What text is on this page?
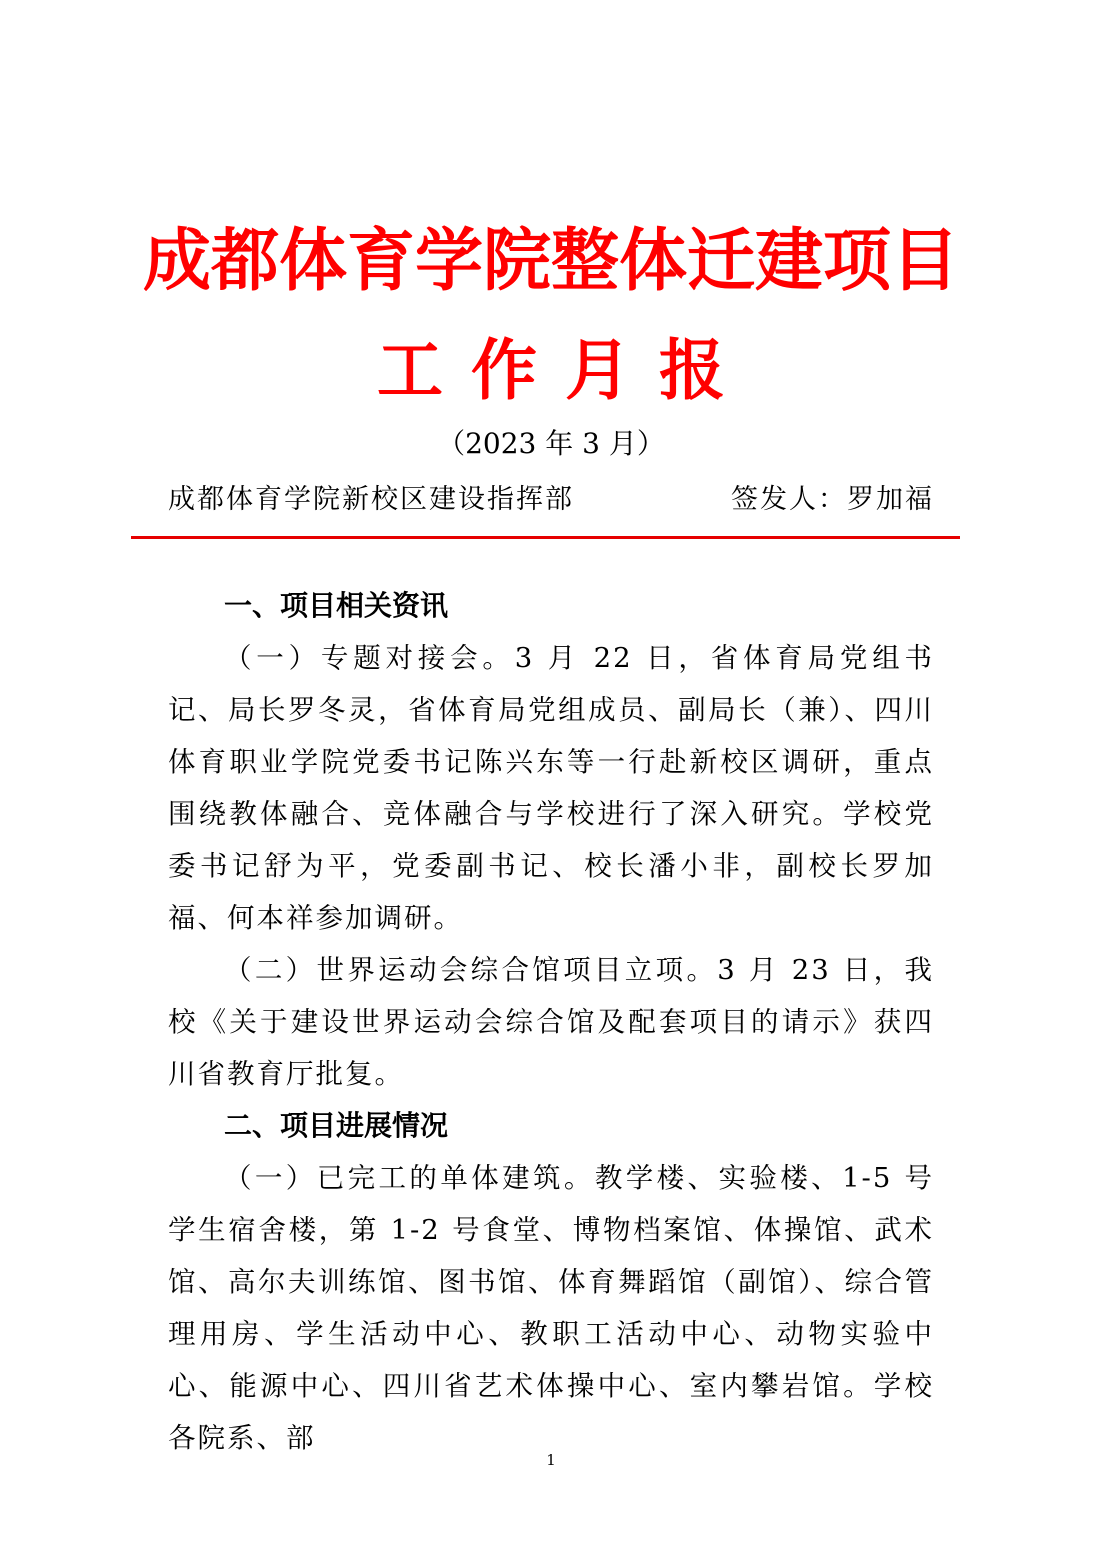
成都体育学院整体迁建项目
工作月报
（2023 年 3 月）
成都体育学院新校区建设指挥部	签发人：罗加福
一、项目相关资讯

（一）专题对接会。3 月 22 日，省体育局党组书记、局长罗冬灵，省体育局党组成员、副局长（兼）、四川体育职业学院党委书记陈兴东等一行赴新校区调研，重点围绕教体融合、竞体融合与学校进行了深入研究。学校党委书记舒为平，党委副书记、校长潘小非，副校长罗加福、何本祥参加调研。

（二）世界运动会综合馆项目立项。3 月 23 日，我校《关于建设世界运动会综合馆及配套项目的请示》获四川省教育厅批复。

二、项目进展情况

（一）已完工的单体建筑。教学楼、实验楼、1-5 号学生宿舍楼，第 1-2 号食堂、博物档案馆、体操馆、武术馆、高尔夫训练馆、图书馆、体育舞蹈馆（副馆）、综合管理用房、学生活动中心、教职工活动中心、动物实验中心、能源中心、四川省艺术体操中心、室内攀岩馆。学校各院系、部

1
